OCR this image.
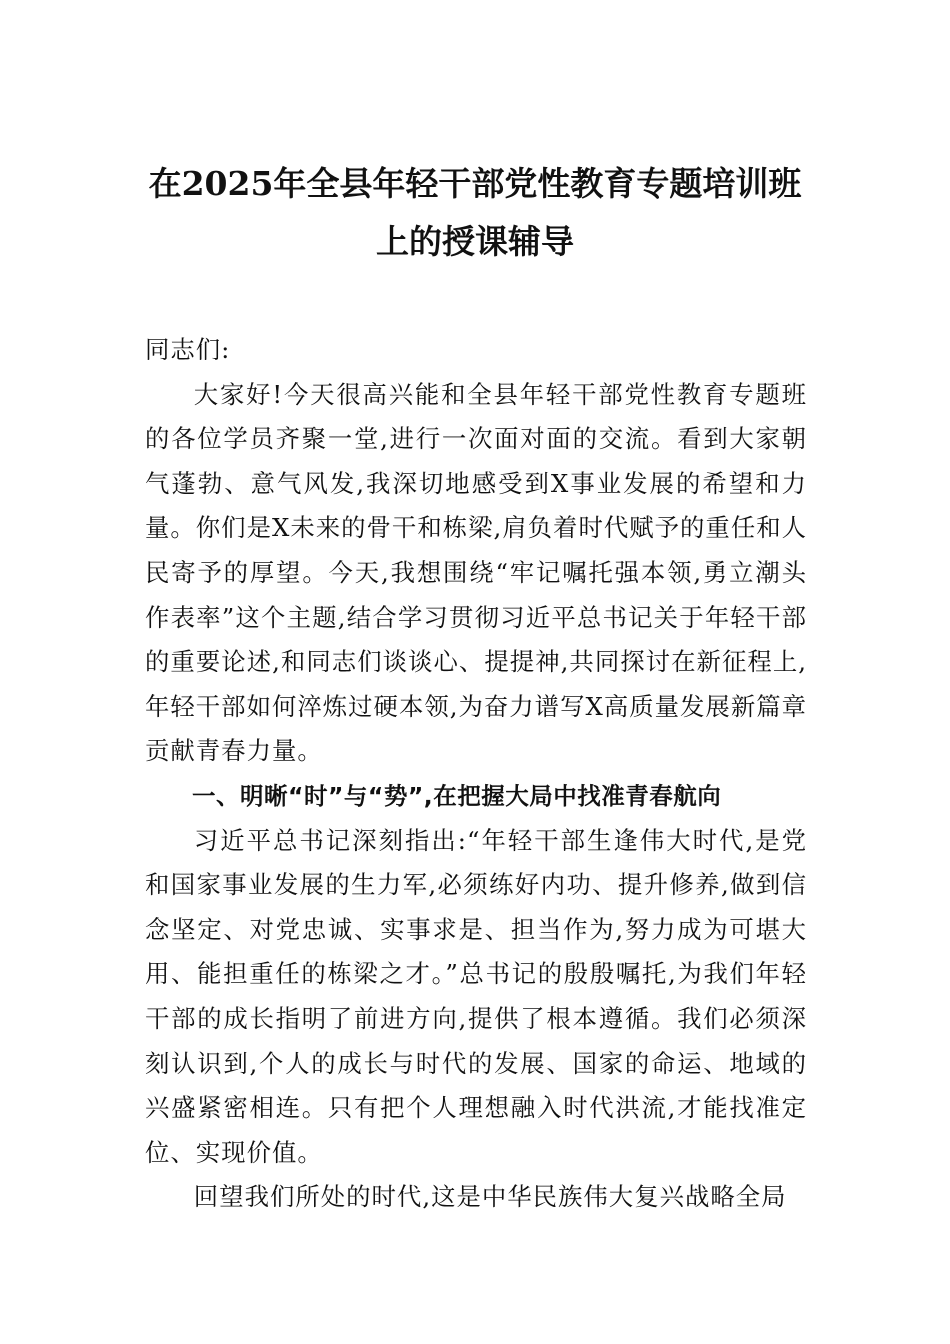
在2025年全县年轻干部党性教育专题培训班上的授课辅导

同志们:

大家好!今天很高兴能和全县年轻干部党性教育专题班的各位学员齐聚一堂,进行一次面对面的交流。看到大家朝气蓬勃、意气风发,我深切地感受到X事业发展的希望和力量。你们是X未来的骨干和栋梁,肩负着时代赋予的重任和人民寄予的厚望。今天,我想围绕“牢记嘱托强本领,勇立潮头作表率”这个主题,结合学习贯彻习近平总书记关于年轻干部的重要论述,和同志们谈谈心、提提神,共同探讨在新征程上,年轻干部如何淬炼过硬本领,为奋力谱写X高质量发展新篇章贡献青春力量。

一、明晰“时”与“势”,在把握大局中找准青春航向

习近平总书记深刻指出:“年轻干部生逢伟大时代,是党和国家事业发展的生力军,必须练好内功、提升修养,做到信念坚定、对党忠诚、实事求是、担当作为,努力成为可堪大用、能担重任的栋梁之才。”总书记的殷殷嘱托,为我们年轻干部的成长指明了前进方向,提供了根本遵循。我们必须深刻认识到,个人的成长与时代的发展、国家的命运、地域的兴盛紧密相连。只有把个人理想融入时代洪流,才能找准定位、实现价值。

回望我们所处的时代,这是中华民族伟大复兴战略全局
